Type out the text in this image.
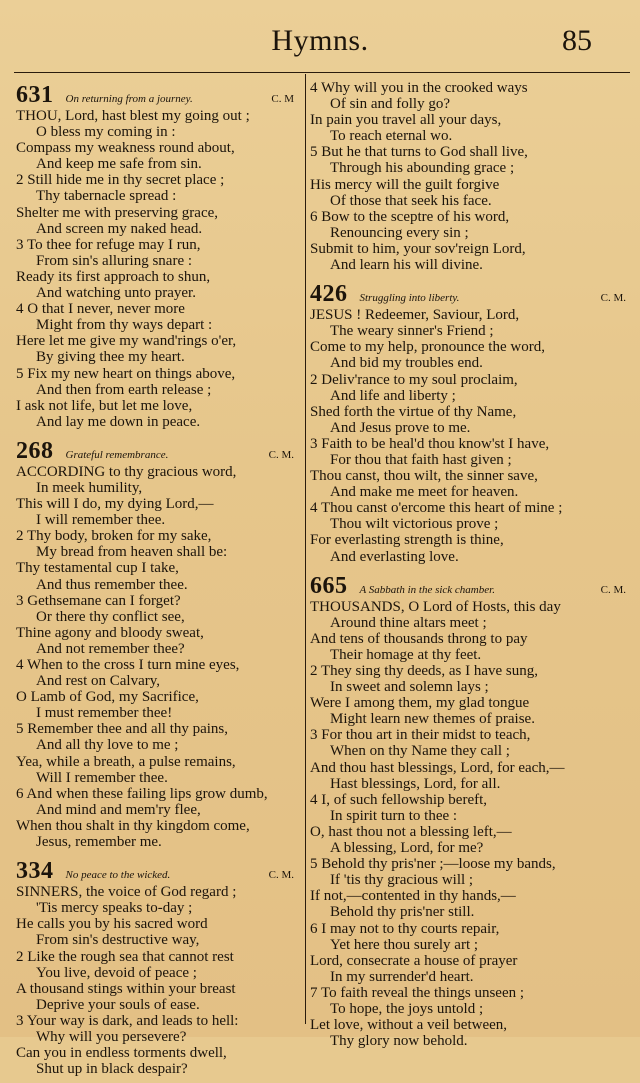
Hymns.	85
631 On returning from a journey.	C. M
THOU, Lord, hast blest my going out ;
O bless my coming in :
Compass my weakness round about,
And keep me safe from sin.
2 Still hide me in thy secret place ;
Thy tabernacle spread :
Shelter me with preserving grace,
And screen my naked head.
3 To thee for refuge may I run,
From sin's alluring snare :
Ready its first approach to shun,
And watching unto prayer.
4 O that I never, never more
Might from thy ways depart :
Here let me give my wand'rings o'er,
By giving thee my heart.
5 Fix my new heart on things above,
And then from earth release ;
I ask not life, but let me love,
And lay me down in peace.
268 Grateful remembrance.	C. M.
ACCORDING to thy gracious word,
In meek humility,
This will I do, my dying Lord,—
I will remember thee.
2 Thy body, broken for my sake,
My bread from heaven shall be:
Thy testamental cup I take,
And thus remember thee.
3 Gethsemane can I forget?
Or there thy conflict see,
Thine agony and bloody sweat,
And not remember thee?
4 When to the cross I turn mine eyes,
And rest on Calvary,
O Lamb of God, my Sacrifice,
I must remember thee!
5 Remember thee and all thy pains,
And all thy love to me ;
Yea, while a breath, a pulse remains,
Will I remember thee.
6 And when these failing lips grow dumb,
And mind and mem'ry flee,
When thou shalt in thy kingdom come,
Jesus, remember me.
334 No peace to the wicked.	C. M.
SINNERS, the voice of God regard ;
'Tis mercy speaks to-day ;
He calls you by his sacred word
From sin's destructive way,
2 Like the rough sea that cannot rest
You live, devoid of peace ;
A thousand stings within your breast
Deprive your souls of ease.
3 Your way is dark, and leads to hell:
Why will you persevere?
Can you in endless torments dwell,
Shut up in black despair?
4 Why will you in the crooked ways
Of sin and folly go?
In pain you travel all your days,
To reach eternal wo.
5 But he that turns to God shall live,
Through his abounding grace ;
His mercy will the guilt forgive
Of those that seek his face.
6 Bow to the sceptre of his word,
Renouncing every sin ;
Submit to him, your sov'reign Lord,
And learn his will divine.
426 Struggling into liberty.	C. M.
JESUS ! Redeemer, Saviour, Lord,
The weary sinner's Friend ;
Come to my help, pronounce the word,
And bid my troubles end.
2 Deliv'rance to my soul proclaim,
And life and liberty ;
Shed forth the virtue of thy Name,
And Jesus prove to me.
3 Faith to be heal'd thou know'st I have,
For thou that faith hast given ;
Thou canst, thou wilt, the sinner save,
And make me meet for heaven.
4 Thou canst o'ercome this heart of mine ;
Thou wilt victorious prove ;
For everlasting strength is thine,
And everlasting love.
665 A Sabbath in the sick chamber.	C. M.
THOUSANDS, O Lord of Hosts, this day
Around thine altars meet ;
And tens of thousands throng to pay
Their homage at thy feet.
2 They sing thy deeds, as I have sung,
In sweet and solemn lays ;
Were I among them, my glad tongue
Might learn new themes of praise.
3 For thou art in their midst to teach,
When on thy Name they call ;
And thou hast blessings, Lord, for each,—
Hast blessings, Lord, for all.
4 I, of such fellowship bereft,
In spirit turn to thee :
O, hast thou not a blessing left,—
A blessing, Lord, for me?
5 Behold thy pris'ner ;—loose my bands,
If 'tis thy gracious will ;
If not,—contented in thy hands,—
Behold thy pris'ner still.
6 I may not to thy courts repair,
Yet here thou surely art ;
Lord, consecrate a house of prayer
In my surrender'd heart.
7 To faith reveal the things unseen ;
To hope, the joys untold ;
Let love, without a veil between,
Thy glory now behold.
